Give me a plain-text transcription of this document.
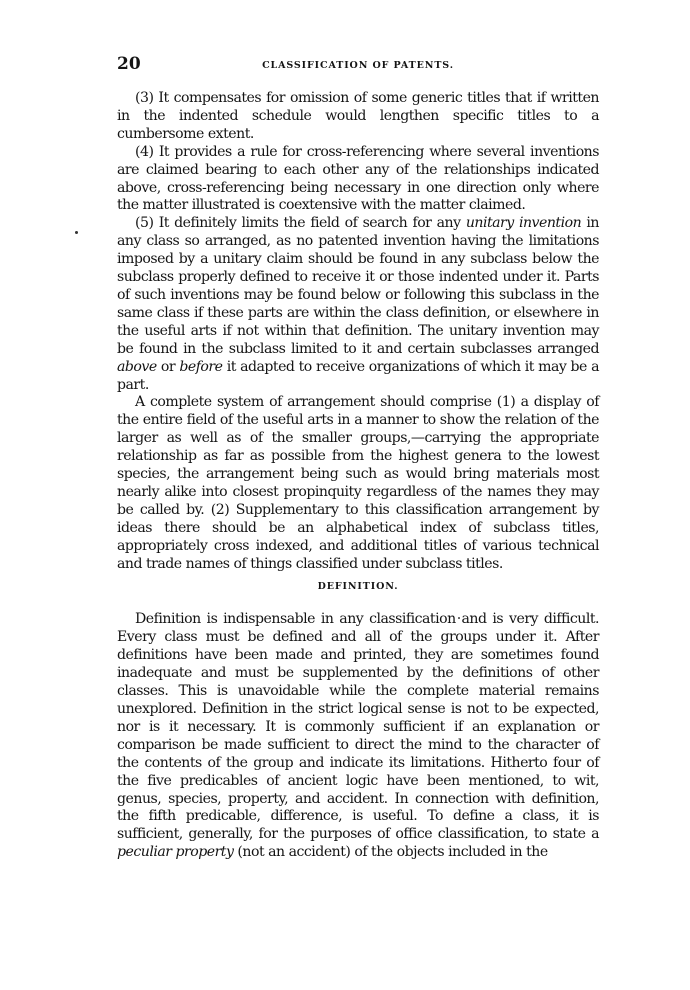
20	CLASSIFICATION OF PATENTS.

(3) It compensates for omission of some generic titles that if written in the indented schedule would lengthen specific titles to a cumbersome extent.

(4) It provides a rule for cross-referencing where several inventions are claimed bearing to each other any of the relationships indicated above, cross-referencing being necessary in one direction only where the matter illustrated is coextensive with the matter claimed.

(5) It definitely limits the field of search for any unitary invention in any class so arranged, as no patented invention having the limitations imposed by a unitary claim should be found in any subclass below the subclass properly defined to receive it or those indented under it. Parts of such inventions may be found below or following this subclass in the same class if these parts are within the class definition, or elsewhere in the useful arts if not within that definition. The unitary invention may be found in the subclass limited to it and certain subclasses arranged above or before it adapted to receive organizations of which it may be a part.

A complete system of arrangement should comprise (1) a display of the entire field of the useful arts in a manner to show the relation of the larger as well as of the smaller groups,—carrying the appropriate relationship as far as possible from the highest genera to the lowest species, the arrangement being such as would bring materials most nearly alike into closest propinquity regardless of the names they may be called by. (2) Supplementary to this classification arrangement by ideas there should be an alphabetical index of subclass titles, appropriately cross indexed, and additional titles of various technical and trade names of things classified under subclass titles.

DEFINITION.

Definition is indispensable in any classification and is very difficult. Every class must be defined and all of the groups under it. After definitions have been made and printed, they are sometimes found inadequate and must be supplemented by the definitions of other classes. This is unavoidable while the complete material remains unexplored. Definition in the strict logical sense is not to be expected, nor is it necessary. It is commonly sufficient if an explanation or comparison be made sufficient to direct the mind to the character of the contents of the group and indicate its limitations. Hitherto four of the five predicables of ancient logic have been mentioned, to wit, genus, species, property, and accident. In connection with definition, the fifth predicable, difference, is useful. To define a class, it is sufficient, generally, for the purposes of office classification, to state a peculiar property (not an accident) of the objects included in the
